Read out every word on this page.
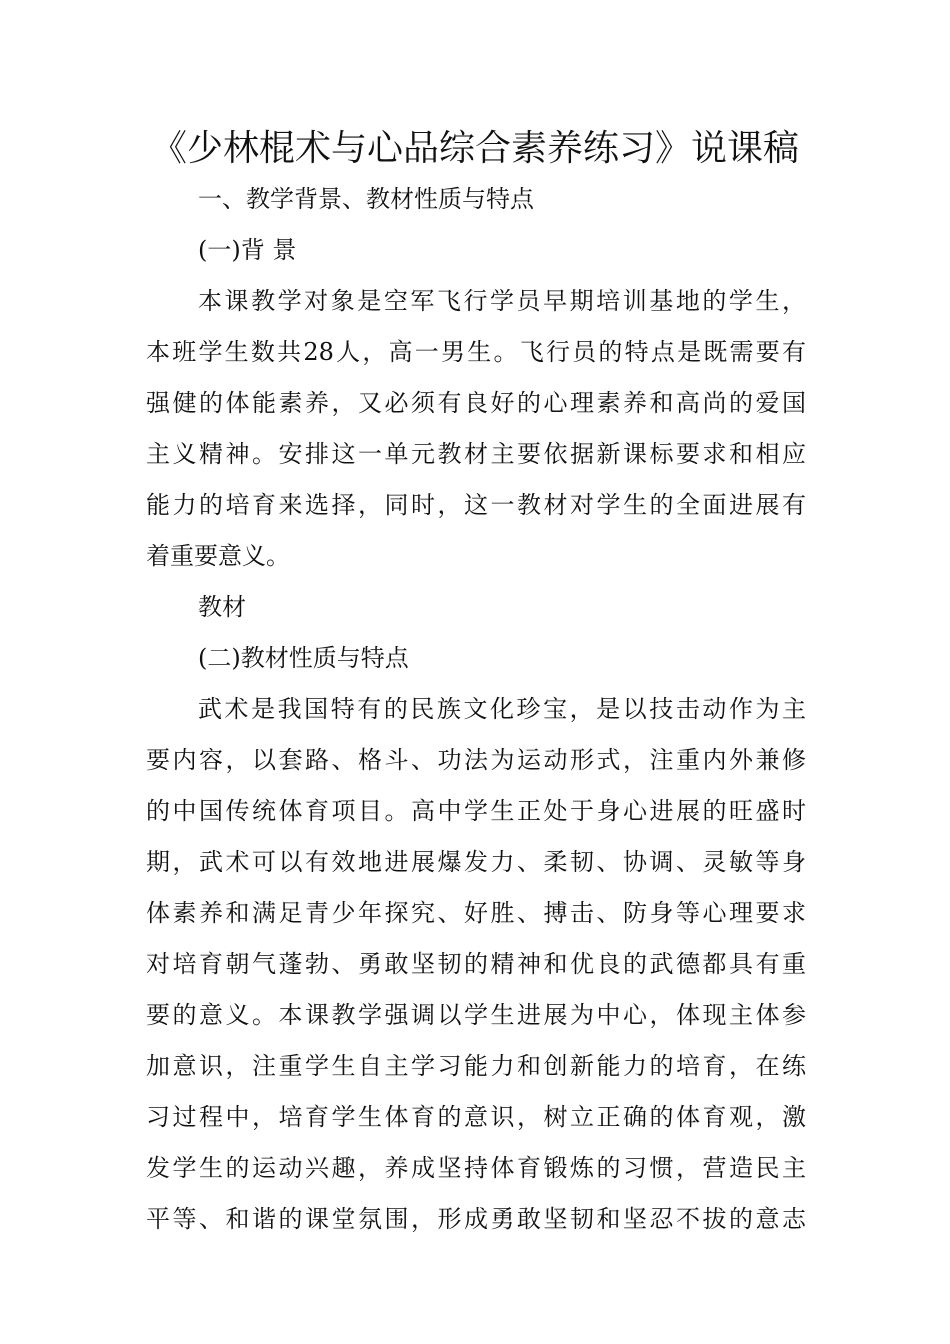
《少林棍术与心品综合素养练习》说课稿
一、教学背景、教材性质与特点
(一)背 景
本课教学对象是空军飞行学员早期培训基地的学生，
本班学生数共28人，高一男生。飞行员的特点是既需要有
强健的体能素养，又必须有良好的心理素养和高尚的爱国
主义精神。安排这一单元教材主要依据新课标要求和相应
能力的培育来选择，同时，这一教材对学生的全面进展有
着重要意义。
教材
(二)教材性质与特点
武术是我国特有的民族文化珍宝，是以技击动作为主
要内容，以套路、格斗、功法为运动形式，注重内外兼修
的中国传统体育项目。高中学生正处于身心进展的旺盛时
期，武术可以有效地进展爆发力、柔韧、协调、灵敏等身
体素养和满足青少年探究、好胜、搏击、防身等心理要求
对培育朝气蓬勃、勇敢坚韧的精神和优良的武德都具有重
要的意义。本课教学强调以学生进展为中心，体现主体参
加意识，注重学生自主学习能力和创新能力的培育，在练
习过程中，培育学生体育的意识，树立正确的体育观，激
发学生的运动兴趣，养成坚持体育锻炼的习惯，营造民主
平等、和谐的课堂氛围，形成勇敢坚韧和坚忍不拔的意志
